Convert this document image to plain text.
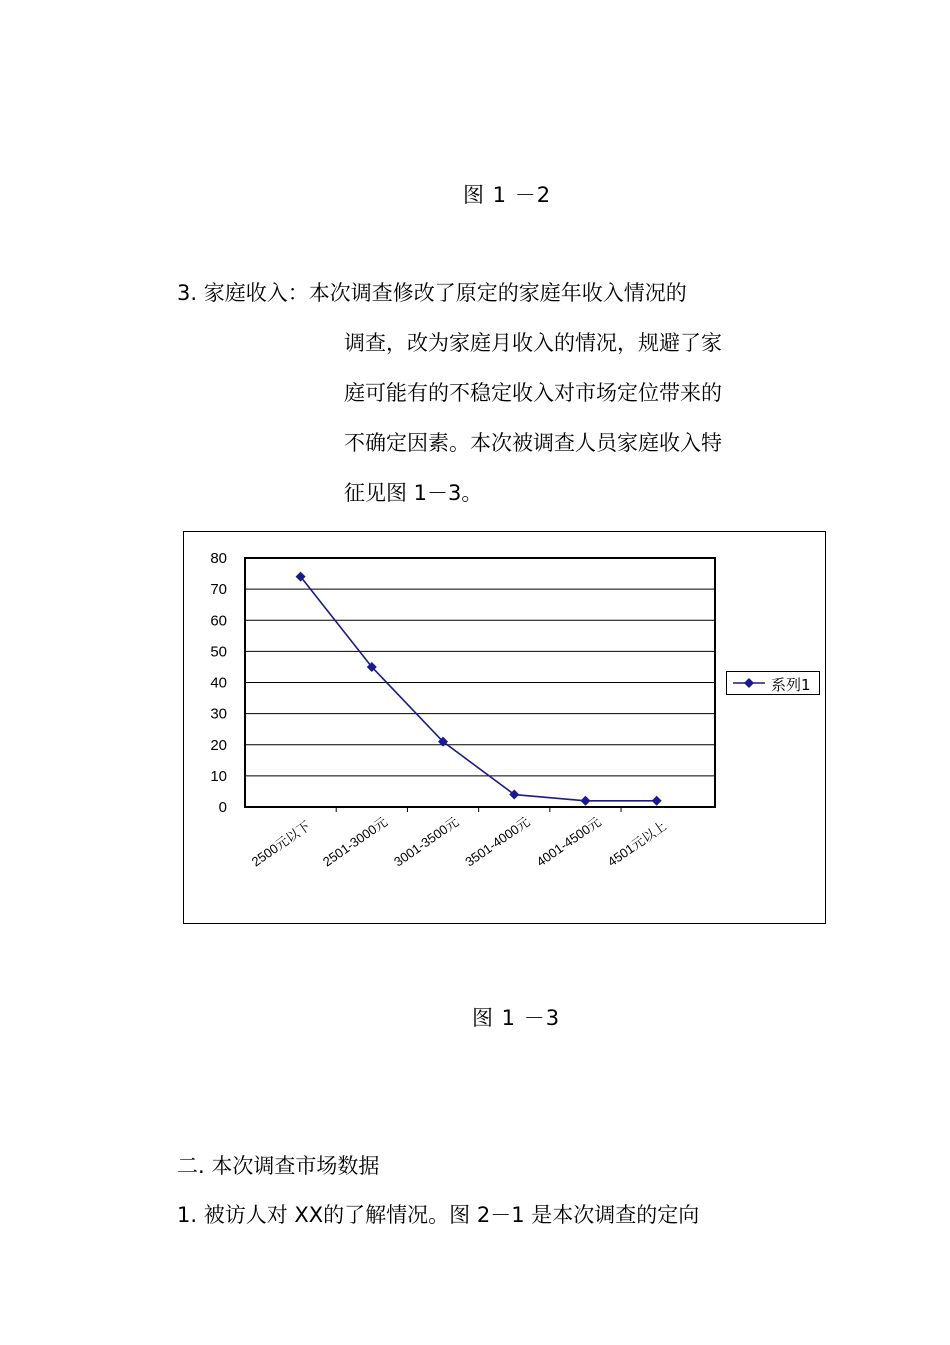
图 1 －2
3. 家庭收入：本次调查修改了原定的家庭年收入情况的
调查，改为家庭月收入的情况，规避了家
庭可能有的不稳定收入对市场定位带来的
不确定因素。本次被调查人员家庭收入特
征见图 1－3。
0
10
20
30
40
50
60
70
80
2500元以下 2501-3000元 3001-3500元 3501-4000元 4001-4500元 4501元以上
系列1
图 1 －3
二. 本次调查市场数据
1. 被访人对 XX的了解情况。图 2－1 是本次调查的定向
